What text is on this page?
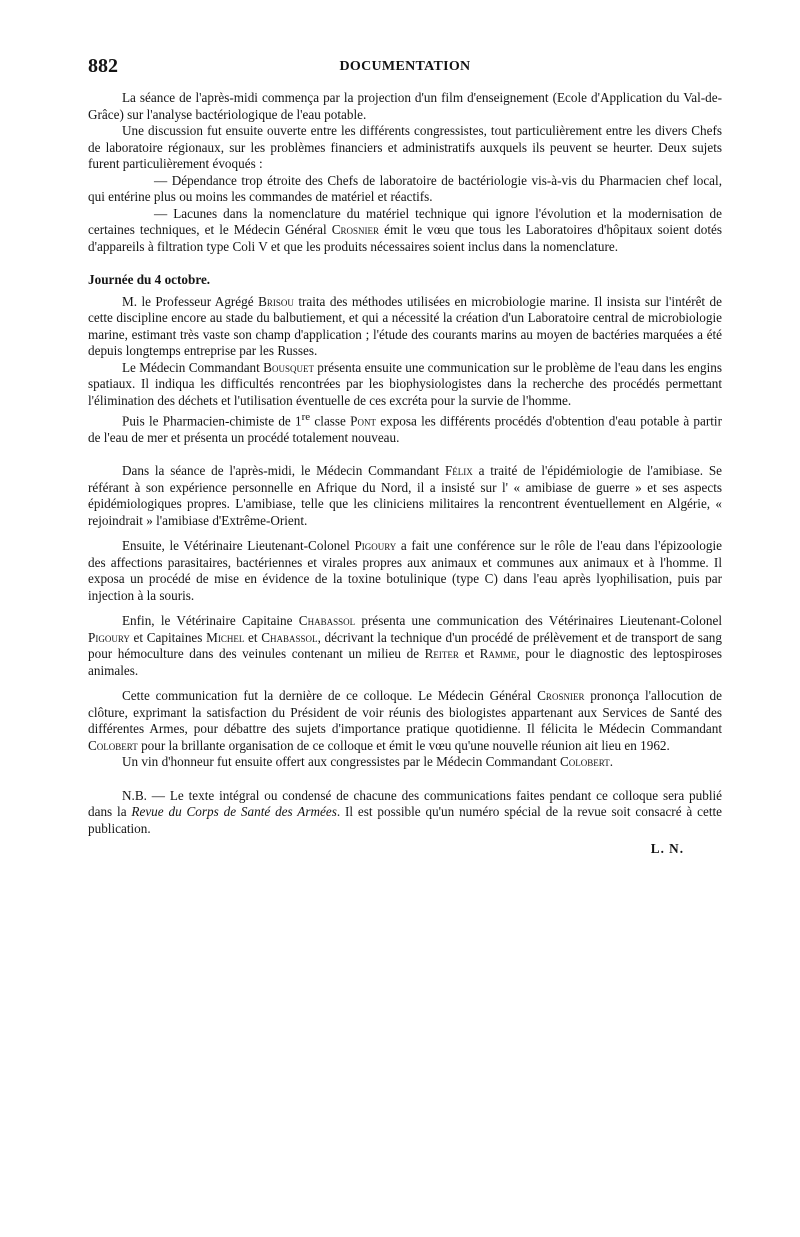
882	DOCUMENTATION

La séance de l'après-midi commença par la projection d'un film d'enseignement (Ecole d'Application du Val-de-Grâce) sur l'analyse bactériologique de l'eau potable.

Une discussion fut ensuite ouverte entre les différents congressistes, tout particulièrement entre les divers Chefs de laboratoire régionaux, sur les problèmes financiers et administratifs auxquels ils peuvent se heurter. Deux sujets furent particulièrement évoqués :

— Dépendance trop étroite des Chefs de laboratoire de bactériologie vis-à-vis du Pharmacien chef local, qui entérine plus ou moins les commandes de matériel et réactifs.

— Lacunes dans la nomenclature du matériel technique qui ignore l'évolution et la modernisation de certaines techniques, et le Médecin Général Crosnier émit le vœu que tous les Laboratoires d'hôpitaux soient dotés d'appareils à filtration type Coli V et que les produits nécessaires soient inclus dans la nomenclature.

Journée du 4 octobre.

M. le Professeur Agrégé Brisou traita des méthodes utilisées en microbiologie marine. Il insista sur l'intérêt de cette discipline encore au stade du balbutiement, et qui a nécessité la création d'un Laboratoire central de microbiologie marine, estimant très vaste son champ d'application ; l'étude des courants marins au moyen de bactéries marquées a été depuis longtemps entreprise par les Russes.

Le Médecin Commandant Bousquet présenta ensuite une communication sur le problème de l'eau dans les engins spatiaux. Il indiqua les difficultés rencontrées par les biophysiologistes dans la recherche des procédés permettant l'élimination des déchets et l'utilisation éventuelle de ces excréta pour la survie de l'homme.

Puis le Pharmacien-chimiste de 1re classe Pont exposa les différents procédés d'obtention d'eau potable à partir de l'eau de mer et présenta un procédé totalement nouveau.

Dans la séance de l'après-midi, le Médecin Commandant Félix a traité de l'épidémiologie de l'amibiase. Se référant à son expérience personnelle en Afrique du Nord, il a insisté sur l' « amibiase de guerre » et ses aspects épidémiologiques propres. L'amibiase, telle que les cliniciens militaires la rencontrent éventuellement en Algérie, « rejoindrait » l'amibiase d'Extrême-Orient.

Ensuite, le Vétérinaire Lieutenant-Colonel Pigoury a fait une conférence sur le rôle de l'eau dans l'épizoologie des affections parasitaires, bactériennes et virales propres aux animaux et communes aux animaux et à l'homme. Il exposa un procédé de mise en évidence de la toxine botulinique (type C) dans l'eau après lyophilisation, puis par injection à la souris.

Enfin, le Vétérinaire Capitaine Chabassol présenta une communication des Vétérinaires Lieutenant-Colonel Pigoury et Capitaines Michel et Chabassol, décrivant la technique d'un procédé de prélèvement et de transport de sang pour hémoculture dans des veinules contenant un milieu de Reiter et Ramme, pour le diagnostic des leptospiroses animales.

Cette communication fut la dernière de ce colloque. Le Médecin Général Crosnier prononça l'allocution de clôture, exprimant la satisfaction du Président de voir réunis des biologistes appartenant aux Services de Santé des différentes Armes, pour débattre des sujets d'importance pratique quotidienne. Il félicita le Médecin Commandant Colobert pour la brillante organisation de ce colloque et émit le vœu qu'une nouvelle réunion ait lieu en 1962.

Un vin d'honneur fut ensuite offert aux congressistes par le Médecin Commandant Colobert.

N.B. — Le texte intégral ou condensé de chacune des communications faites pendant ce colloque sera publié dans la Revue du Corps de Santé des Armées. Il est possible qu'un numéro spécial de la revue soit consacré à cette publication.

L. N.
